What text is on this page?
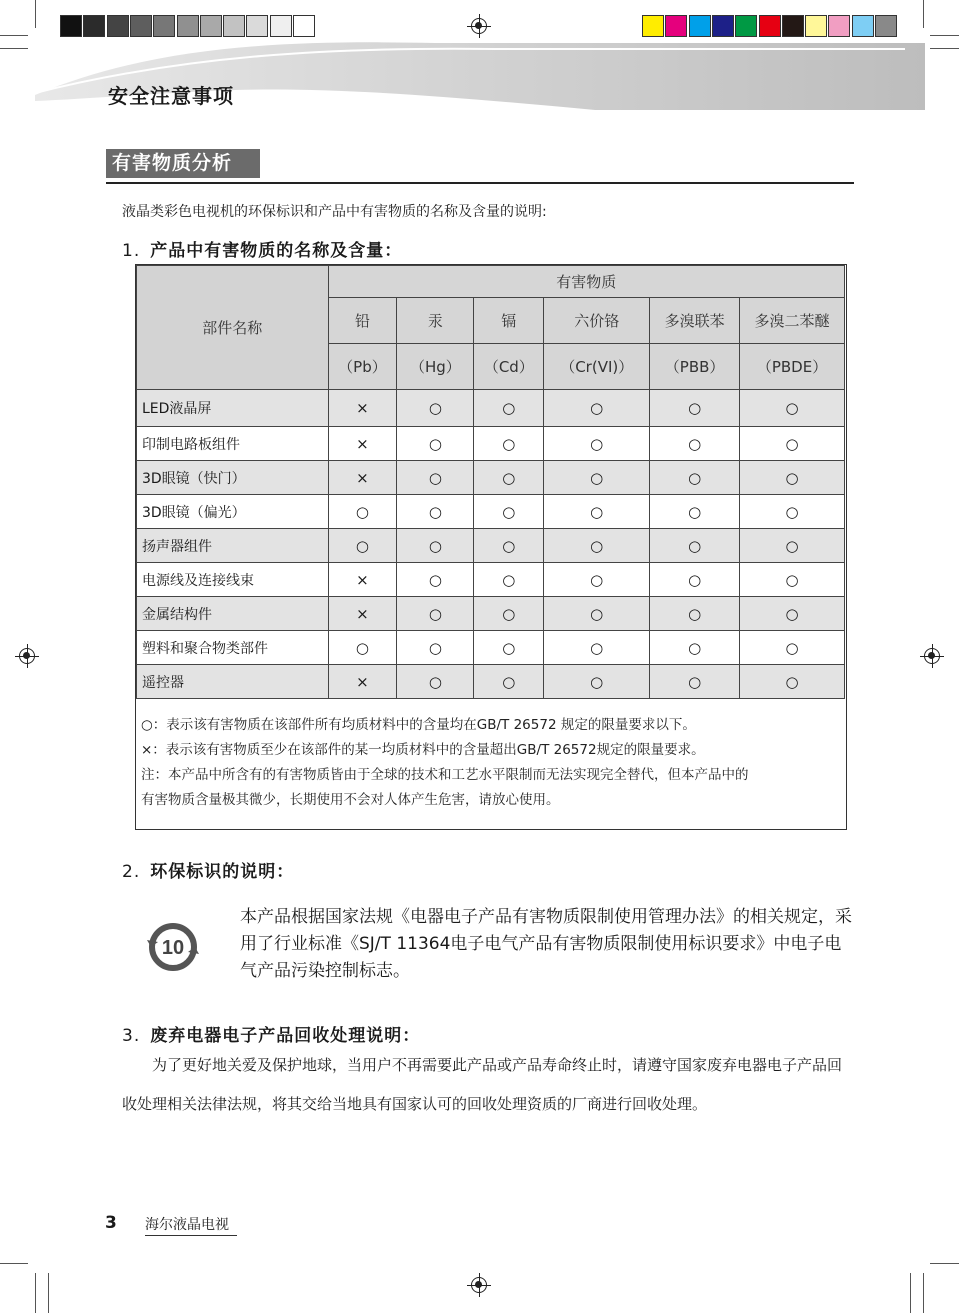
安全注意事项
有害物质分析
液晶类彩色电视机的环保标识和产品中有害物质的名称及含量的说明:
1. 产品中有害物质的名称及含量：
部件名称	有害物质					
	铅	汞	镉	六价铬	多溴联苯	多溴二苯醚
	（Pb）	（Hg）	（Cd）	（Cr(VI)）	（PBB）	（PBDE）
LED液晶屏	×	○	○	○	○	○
印制电路板组件	×	○	○	○	○	○
3D眼镜（快门）	×	○	○	○	○	○
3D眼镜（偏光）	○	○	○	○	○	○
扬声器组件	○	○	○	○	○	○
电源线及连接线束	×	○	○	○	○	○
金属结构件	×	○	○	○	○	○
塑料和聚合物类部件	○	○	○	○	○	○
遥控器	×	○	○	○	○	○
○：表示该有害物质在该部件所有均质材料中的含量均在GB/T 26572 规定的限量要求以下。
×：表示该有害物质至少在该部件的某一均质材料中的含量超出GB/T 26572规定的限量要求。
注：本产品中所含有的有害物质皆由于全球的技术和工艺水平限制而无法实现完全替代，但本产品中的
有害物质含量极其微少，长期使用不会对人体产生危害，请放心使用。
2. 环保标识的说明：
10
本产品根据国家法规《电器电子产品有害物质限制使用管理办法》的相关规定，采用了行业标准《SJ/T 11364电子电气产品有害物质限制使用标识要求》中电子电气产品污染控制标志。
3. 废弃电器电子产品回收处理说明：
为了更好地关爱及保护地球，当用户不再需要此产品或产品寿命终止时，请遵守国家废弃电器电子产品回收处理相关法律法规，将其交给当地具有国家认可的回收处理资质的厂商进行回收处理。
3 海尔液晶电视
